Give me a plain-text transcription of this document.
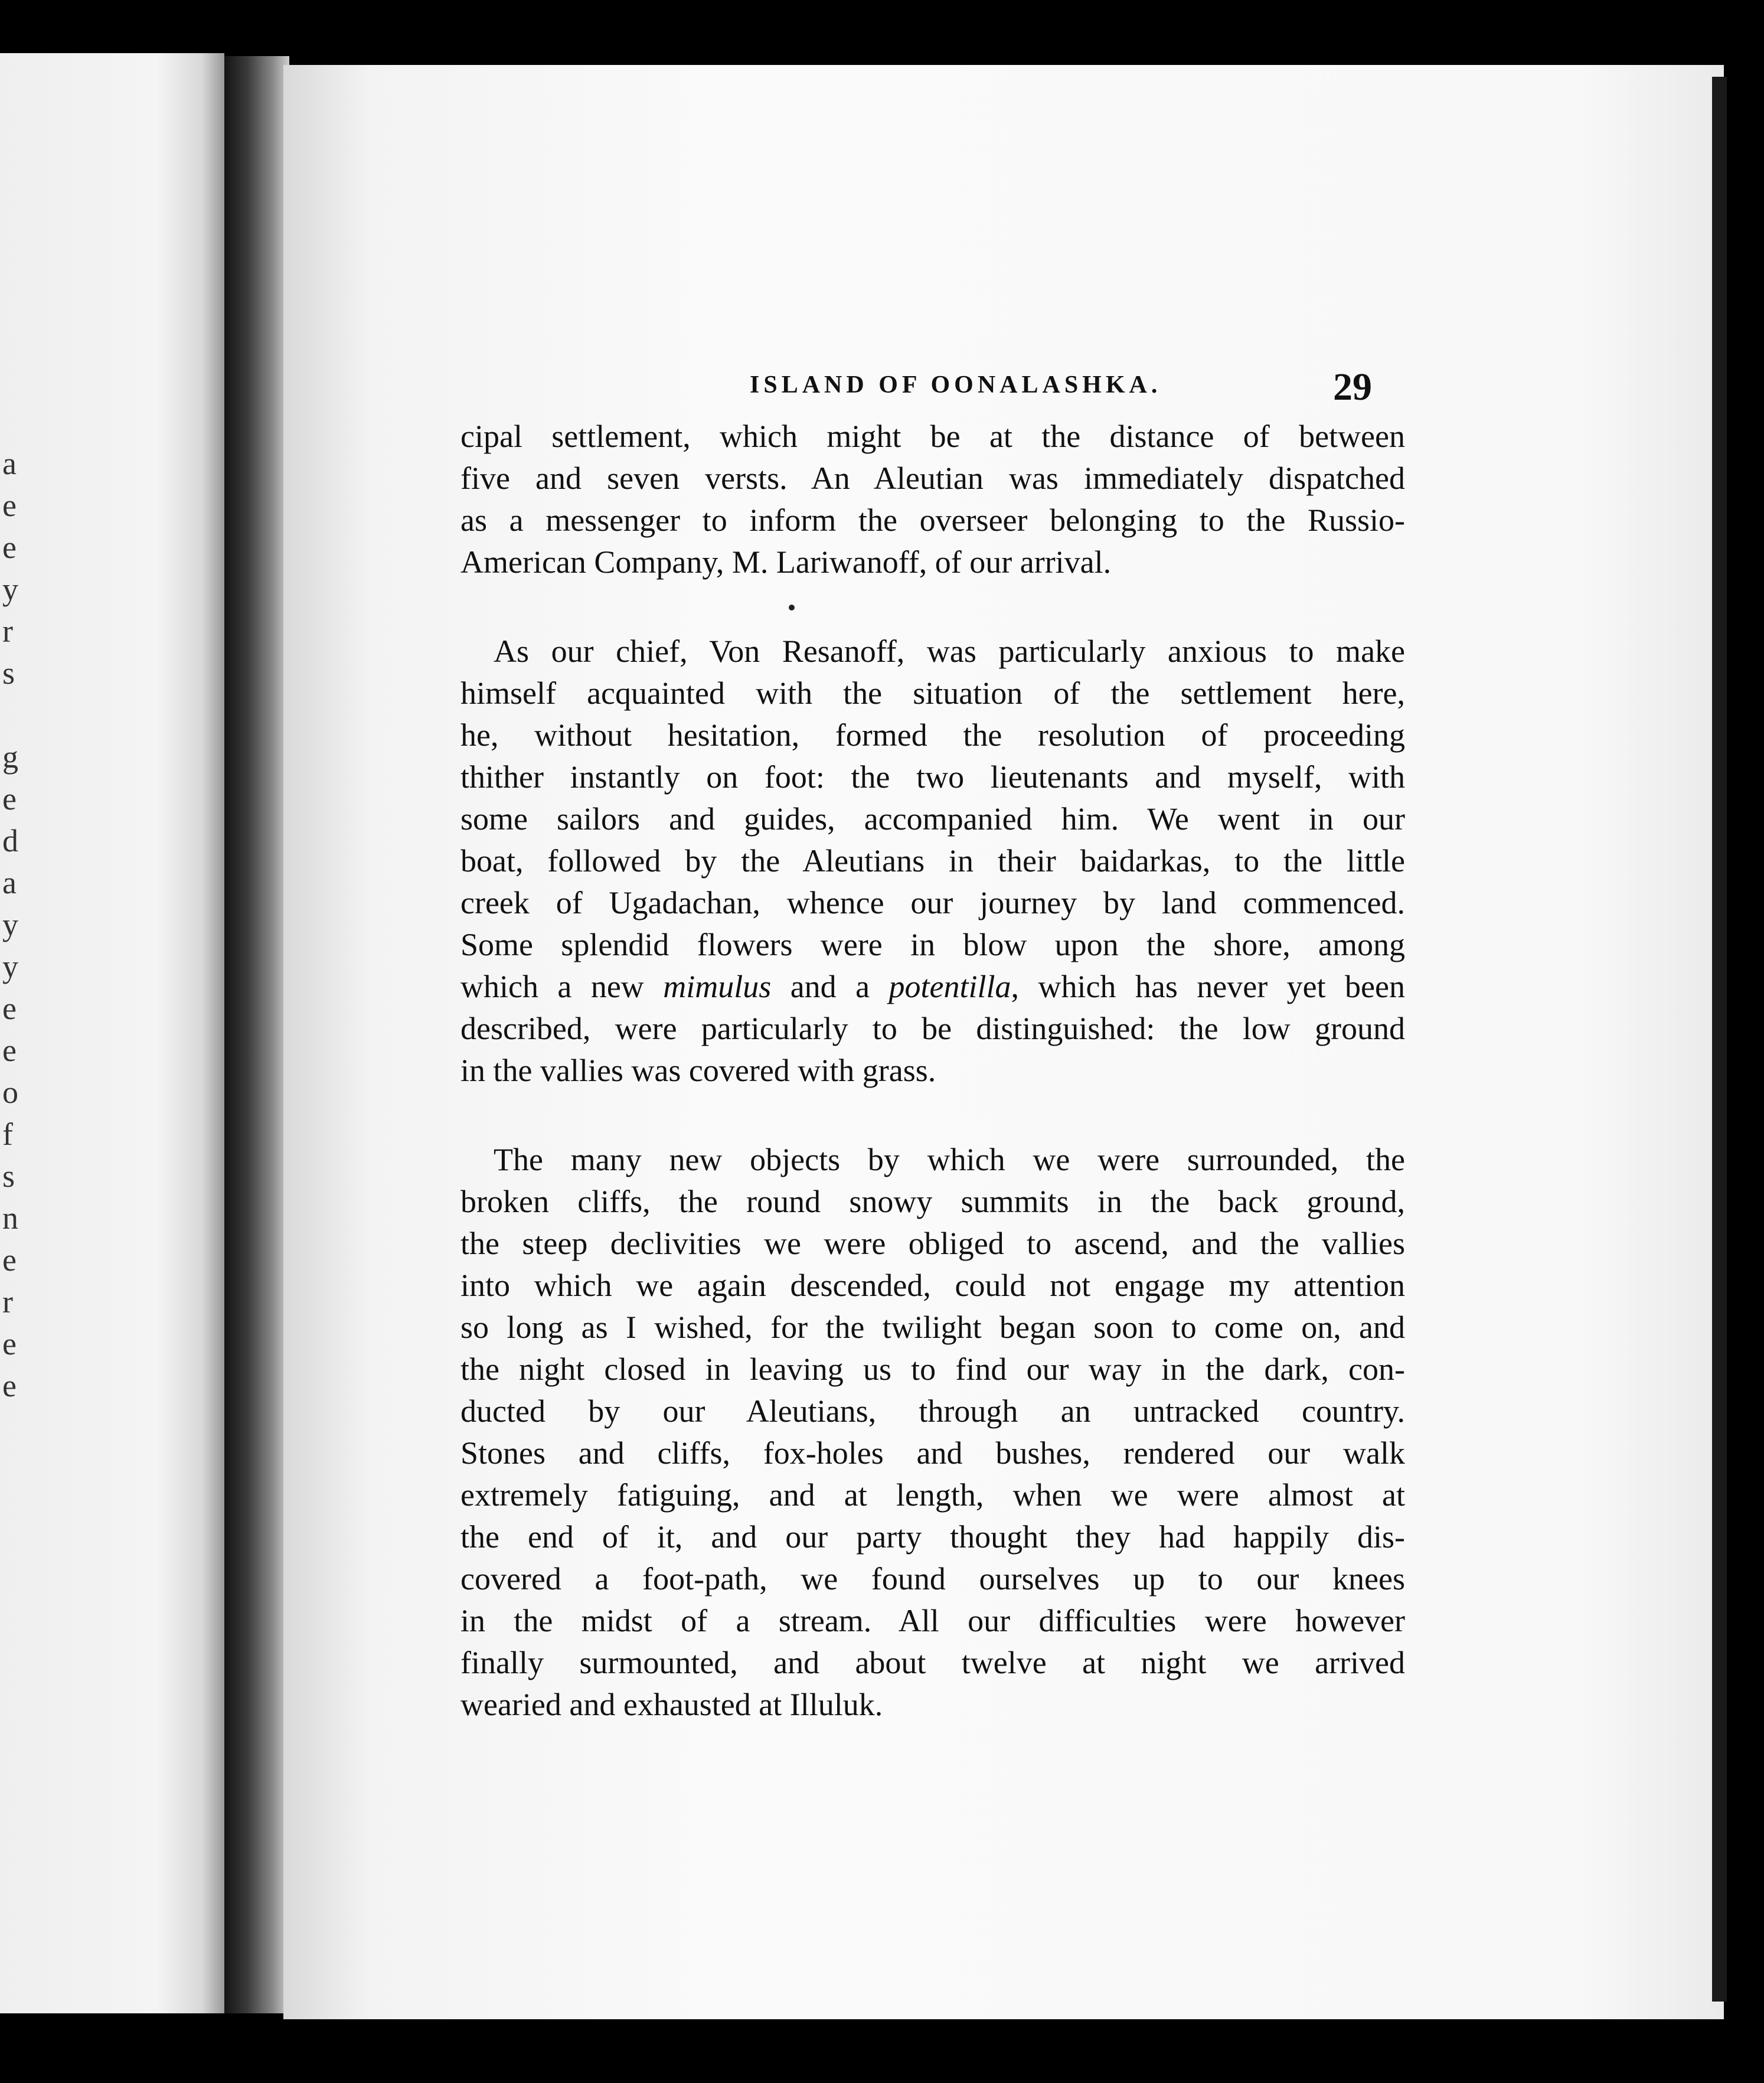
a
e
e
y
r
s

g
e
d
a
y
y
e
e
o
f
s
n
e
r
e
e
ISLAND OF OONALASHKA.	29
cipal settlement, which might be at the distance of between
five and seven versts. An Aleutian was immediately dispatched
as a messenger to inform the overseer belonging to the Russio-
American Company, M. Lariwanoff, of our arrival.
As our chief, Von Resanoff, was particularly anxious to make
himself acquainted with the situation of the settlement here,
he, without hesitation, formed the resolution of proceeding
thither instantly on foot: the two lieutenants and myself, with
some sailors and guides, accompanied him. We went in our
boat, followed by the Aleutians in their baidarkas, to the little
creek of Ugadachan, whence our journey by land commenced.
Some splendid flowers were in blow upon the shore, among
which a new mimulus and a potentilla, which has never yet been
described, were particularly to be distinguished: the low ground
in the vallies was covered with grass.
The many new objects by which we were surrounded, the
broken cliffs, the round snowy summits in the back ground,
the steep declivities we were obliged to ascend, and the vallies
into which we again descended, could not engage my attention
so long as I wished, for the twilight began soon to come on, and
the night closed in leaving us to find our way in the dark, con-
ducted by our Aleutians, through an untracked country.
Stones and cliffs, fox-holes and bushes, rendered our walk
extremely fatiguing, and at length, when we were almost at
the end of it, and our party thought they had happily dis-
covered a foot-path, we found ourselves up to our knees
in the midst of a stream. All our difficulties were however
finally surmounted, and about twelve at night we arrived
wearied and exhausted at Illuluk.
